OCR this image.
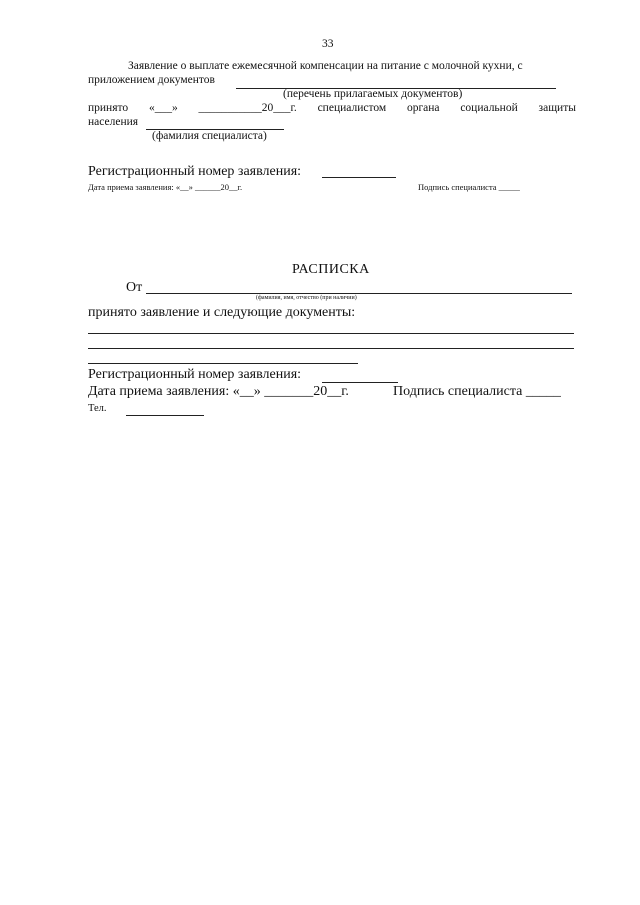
33
Заявление о выплате ежемесячной компенсации на питание с молочной кухни, с
приложением документов
(перечень прилагаемых документов)
принято «___» ___________20___г. специалистом органа социальной защиты
населения
(фамилия специалиста)
Регистрационный номер заявления:
Дата приема заявления: «__» ______20__г.	Подпись специалиста _____
РАСПИСКА
От
(фамилия, имя, отчество (при наличии)
принято заявление и следующие документы:
Регистрационный номер заявления:
Дата приема заявления: «__» _______20__г.	Подпись специалиста _____
Тел.
